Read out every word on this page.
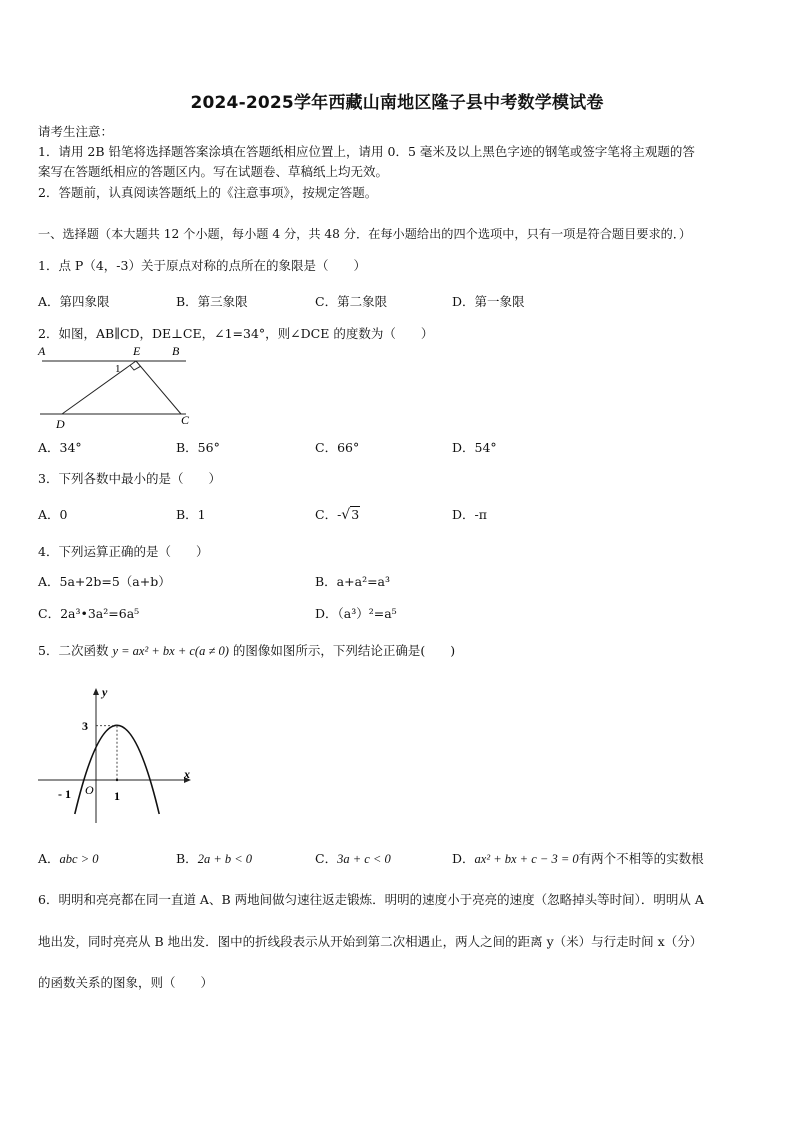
2024-2025学年西藏山南地区隆子县中考数学模试卷
请考生注意：
1．请用 2B 铅笔将选择题答案涂填在答题纸相应位置上，请用 0．5 毫米及以上黑色字迹的钢笔或签字笔将主观题的答
案写在答题纸相应的答题区内。写在试题卷、草稿纸上均无效。
2．答题前，认真阅读答题纸上的《注意事项》，按规定答题。
一、选择题（本大题共 12 个小题，每小题 4 分，共 48 分．在每小题给出的四个选项中，只有一项是符合题目要求的．）
1．点 P（4，-3）关于原点对称的点所在的象限是（　　）
A．第四象限	B．第三象限	C．第二象限	D．第一象限
2．如图，AB∥CD，DE⊥CE，∠1=34°，则∠DCE 的度数为（　　）
A	E	B
1
D	C
A．34°	B．56°	C．66°	D．54°
3．下列各数中最小的是（　　）
A．0	B．1	C．-√3	D．-π
4．下列运算正确的是（　　）
A．5a+2b=5（a+b）	B．a+a²=a³
C．2a³•3a²=6a⁵	D．（a³）²=a⁵
5．二次函数 y = ax² + bx + c(a ≠ 0) 的图像如图所示，下列结论正确是(　　)
y
x
3
- 1 O 1
A．abc > 0	B．2a + b < 0	C．3a + c < 0	D．ax² + bx + c − 3 = 0有两个不相等的实数根
6．明明和亮亮都在同一直道 A、B 两地间做匀速往返走锻炼．明明的速度小于亮亮的速度（忽略掉头等时间）．明明从 A
地出发，同时亮亮从 B 地出发．图中的折线段表示从开始到第二次相遇止，两人之间的距离 y（米）与行走时间 x（分）
的函数关系的图象，则（　　）
